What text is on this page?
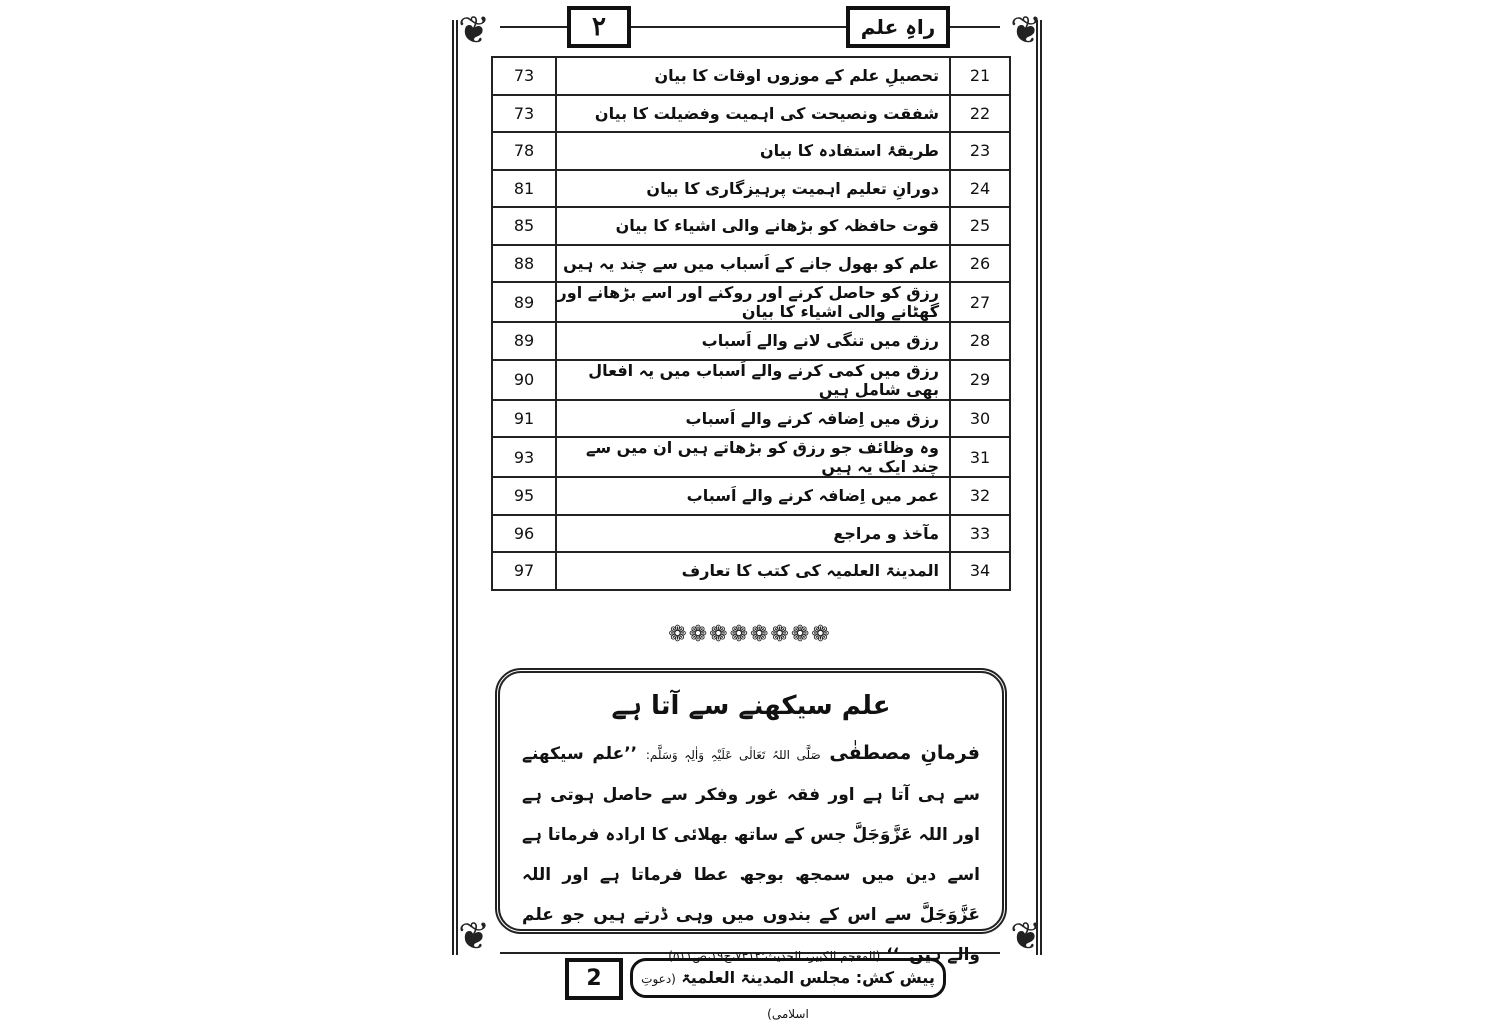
❦	❦
❦	❦
٢	راہِ علم
73	تحصیلِ علم کے موزوں اوقات کا بیان	21
73	شفقت ونصیحت کی اہمیت وفضیلت کا بیان	22
78	طریقۂ استفادہ کا بیان	23
81	دورانِ تعلیم اہمیت پرہیزگاری کا بیان	24
85	قوت حافظہ کو بڑھانے والی اشیاء کا بیان	25
88	علم کو بھول جانے کے اَسباب میں سے چند یہ ہیں	26
89	رزق کو حاصل کرنے اور روکنے اور اسے بڑھانے اور گھٹانے والی اشیاء کا بیان	27
89	رزق میں تنگی لانے والے اَسباب	28
90	رزق میں کمی کرنے والے اَسباب میں یہ افعال بھی شامل ہیں	29
91	رزق میں اِضافہ کرنے والے اَسباب	30
93	وہ وظائف جو رزق کو بڑھاتے ہیں ان میں سے چند ایک یہ ہیں	31
95	عمر میں اِضافہ کرنے والے اَسباب	32
96	مآخذ و مراجع	33
97	المدینۃ العلمیہ کی کتب کا تعارف	34
❁❁❁❁❁❁❁❁
علم سیکھنے سے آتا ہے
فرمانِ مصطفٰی صَلَّی اللہُ تَعَالٰی عَلَیْہِ وَاٰلِہٖ وَسَلَّم: ’’علم سیکھنے سے ہی آتا ہے اور فقہ غور وفکر سے حاصل ہوتی ہے اور اللہ عَزَّوَجَلَّ جس کے ساتھ بھلائی کا ارادہ فرماتا ہے اسے دین میں سمجھ بوجھ عطا فرماتا ہے اور اللہ عَزَّوَجَلَّ سے اس کے بندوں میں وہی ڈرتے ہیں جو علم والے ہیں۔‘‘ (المعجم الکبیر، الحدیث:۷۳۱۲،ج۱۹،ص۵۱۱)
2	پیش کش: مجلس المدینۃ العلمیۃ (دعوتِ اسلامی)
